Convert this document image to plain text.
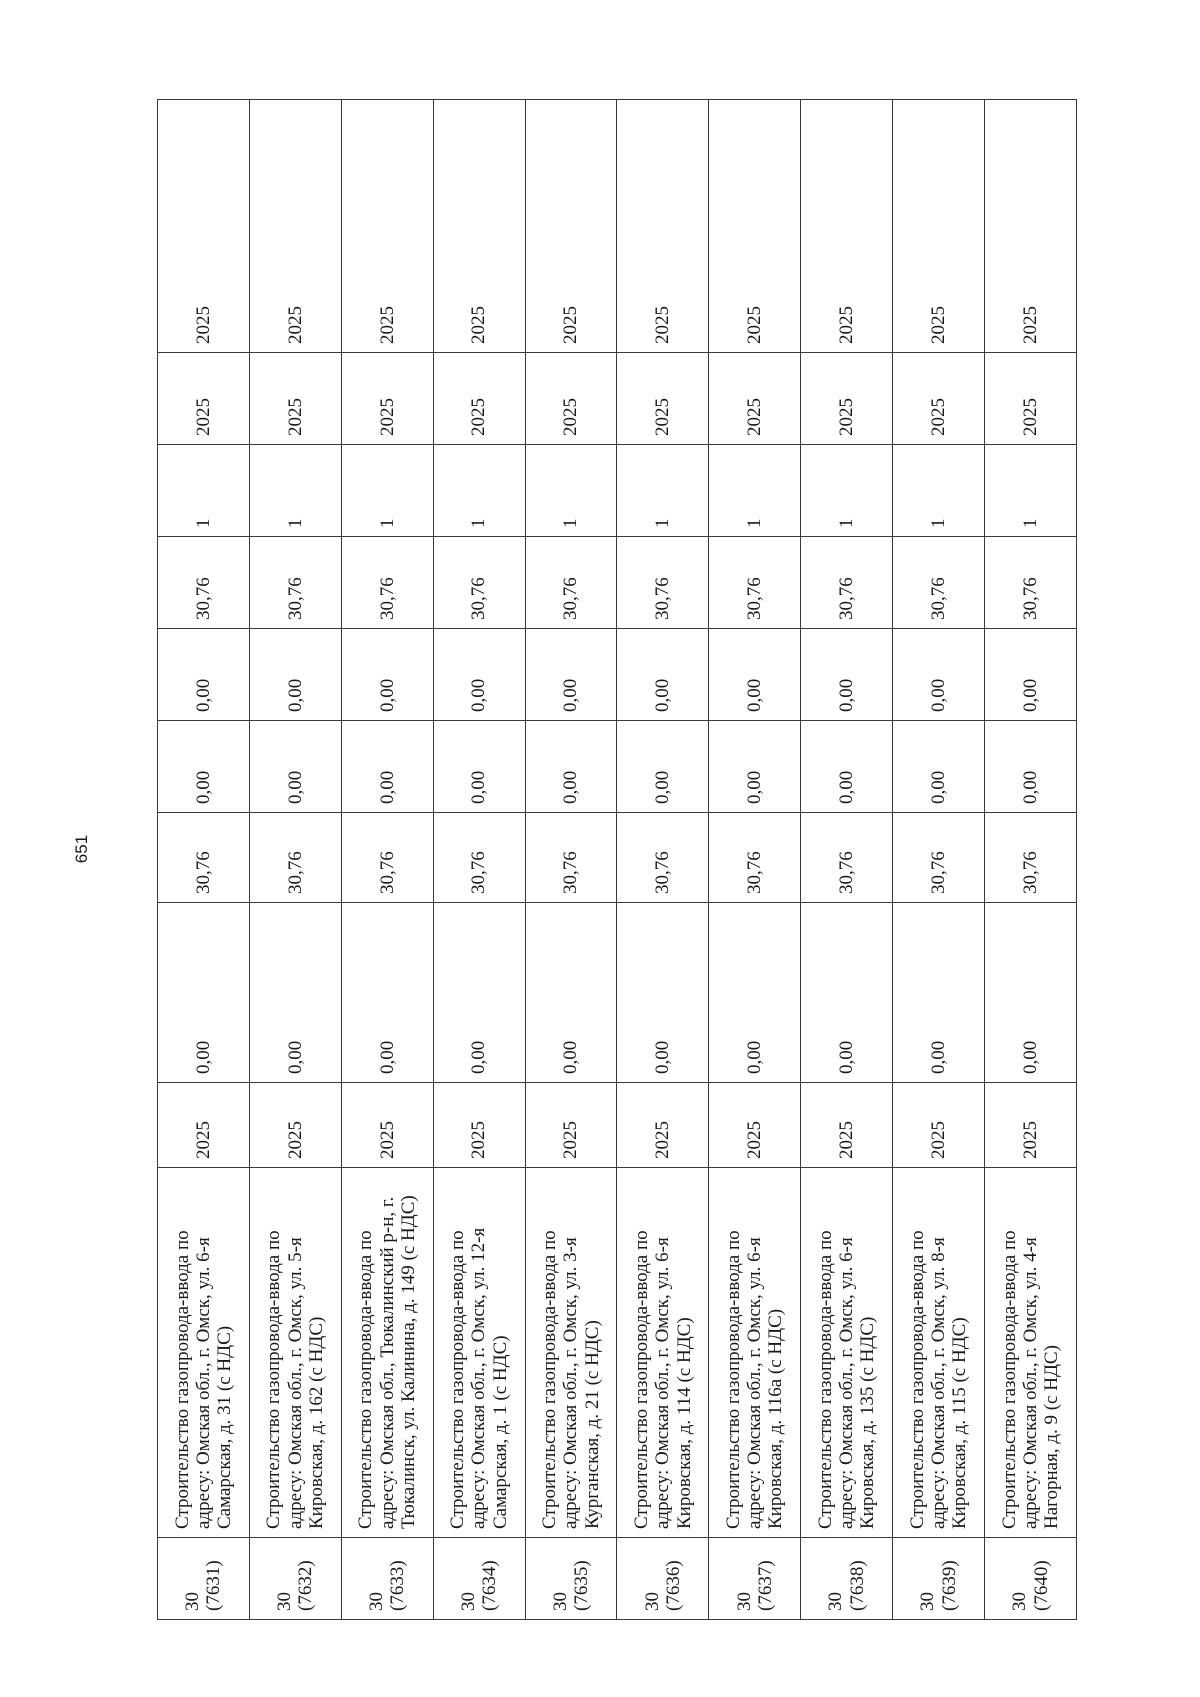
651
30 (7631)	Строительство газопровода-ввода по адресу: Омская обл., г. Омск, ул. 6-я Самарская, д. 31 (с НДС)	2025	0,00	30,76	0,00	0,00	30,76	1	2025	2025

30 (7632)	Строительство газопровода-ввода по адресу: Омская обл., г. Омск, ул. 5-я Кировская, д. 162 (с НДС)	2025	0,00	30,76	0,00	0,00	30,76	1	2025	2025

30 (7633)	Строительство газопровода-ввода по адресу: Омская обл., Тюкалинский р-н, г. Тюкалинск, ул. Калинина, д. 149 (с НДС)	2025	0,00	30,76	0,00	0,00	30,76	1	2025	2025

30 (7634)	Строительство газопровода-ввода по адресу: Омская обл., г. Омск, ул. 12-я Самарская, д. 1 (с НДС)	2025	0,00	30,76	0,00	0,00	30,76	1	2025	2025

30 (7635)	Строительство газопровода-ввода по адресу: Омская обл., г. Омск, ул. 3-я Курганская, д. 21 (с НДС)	2025	0,00	30,76	0,00	0,00	30,76	1	2025	2025

30 (7636)	Строительство газопровода-ввода по адресу: Омская обл., г. Омск, ул. 6-я Кировская, д. 114 (с НДС)	2025	0,00	30,76	0,00	0,00	30,76	1	2025	2025

30 (7637)	Строительство газопровода-ввода по адресу: Омская обл., г. Омск, ул. 6-я Кировская, д. 116а (с НДС)	2025	0,00	30,76	0,00	0,00	30,76	1	2025	2025

30 (7638)	Строительство газопровода-ввода по адресу: Омская обл., г. Омск, ул. 6-я Кировская, д. 135 (с НДС)	2025	0,00	30,76	0,00	0,00	30,76	1	2025	2025

30 (7639)	Строительство газопровода-ввода по адресу: Омская обл., г. Омск, ул. 8-я Кировская, д. 115 (с НДС)	2025	0,00	30,76	0,00	0,00	30,76	1	2025	2025

30 (7640)	Строительство газопровода-ввода по адресу: Омская обл., г. Омск, ул. 4-я Нагорная, д. 9 (с НДС)	2025	0,00	30,76	0,00	0,00	30,76	1	2025	2025
